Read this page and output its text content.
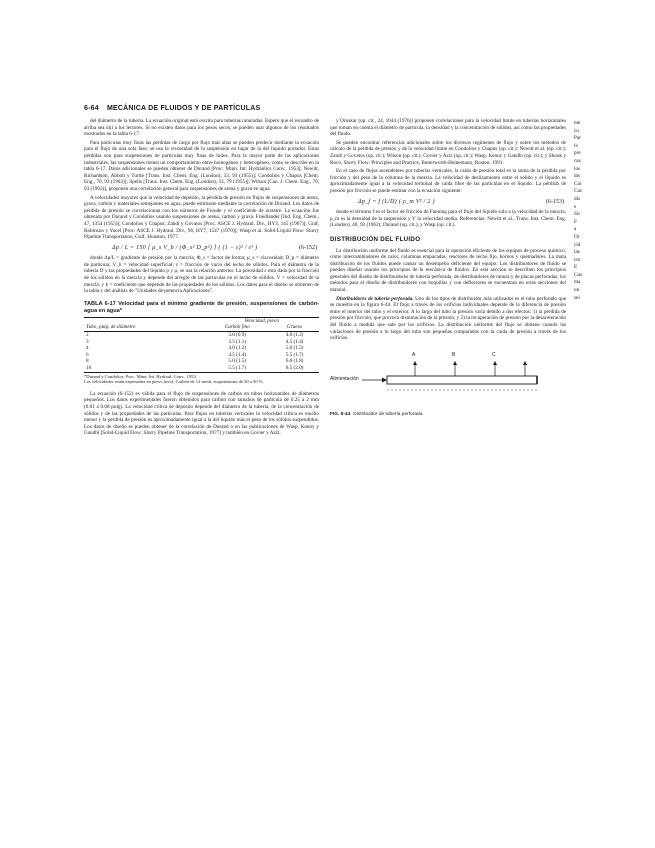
6-64 MECÁNICA DE FLUIDOS Y DE PARTÍCULAS

del diámetro de la tubería. La ecuación original está escrita para tuberías ranuradas. Espero que el recuadro de arriba sea útil a los lectores. Si no existen datos para los pesos secos, se pueden usar algunos de los resultados mostrados en la tabla 6-17.

Para partículas muy finas las pérdidas de carga por flujo más altas se pueden predecir mediante la ecuación para el flujo de una sola fase; se usa la viscosidad de la suspensión en lugar de la del líquido portador. Estas pérdidas son para suspensiones de partículas muy finas de lodos. Para la mayor parte de las aplicaciones industriales, las suspensiones tienen un comportamiento entre homogéneo y heterogéneo, como se describe en la tabla 6-17. Datos adicionales se pueden obtener de Durand [Proc. Minn. Int. Hydraulics Conv., 1953], Newitt, Richardson, Abbott y Turtle [Trans. Inst. Chem. Eng. (London), 33, 93 (1955)]; Condolios y Chapus [Chem. Eng., 70, 93 (1963)]; Spells [Trans. Inst. Chem. Eng. (London), 33, 79 (1955)]; Wilson [Can. J. Chem. Eng., 70, 93 (1963)], proponen una correlación general para suspensiones de arena y grava en agua.

A velocidades mayores que la velocidad de depósito, la pérdida de presión en flujos de suspensiones de arena, grava, carbón y materiales semejantes en agua, puede estimarse mediante la correlación de Durand. Los datos de pérdida de presión se correlacionan con los números de Froude y el coeficiente de arrastre. La ecuación fue obtenida por Durand y Condolios usando suspensiones de arena, carbón y grava. Friedlander [Ind. Eng. Chem., 47, 1354 (1955)]; Condolios y Chapus; Zandi y Govatos [Proc. ASCE J. Hydraul. Div., HY3, 145 (1967)]; Graf, Robinson y Yucel [Proc. ASCE J. Hydraul. Div., 96, HY7, 1547 (1970)]; Wasp et al. Solid-Liquid Flow: Slurry Pipeline Transportation, Gulf, Houston, 1977.

Δp / L = 150 [ μ_s V_b / (Φ_s² D_p²) ] ( (1 − ε)² / ε³ )	(6-152)

donde Δp/L = gradiente de presión por la mezcla; Φ_s = factor de forma; μ_s = viscosidad; D_p = diámetro de partícula; V_b = velocidad superficial; ε = fracción de vacío del lecho de sólidos. Para el diámetro de la tubería D y las propiedades del líquido ρ y μ, se usa la relación anterior. La porosidad ε está dada por la fracción de los sólidos en la mezcla y depende del arreglo de las partículas en el lecho de sólidos. V = velocidad de la mezcla; y k = coeficiente que depende de las propiedades de los sólidos. Los datos para el diseño se obtienen de la tabla y del análisis de "Unidades de potencia Aplicaciones".

TABLA 6-17 Velocidad para el mínimo gradiente de presión, suspensiones de carbón-agua en agua*
	Velocidad, pies/s	
Tubo, pulg. de diámetro	Carbón fino	Grueso
2	3.0 (0.9)	4.0 (1.2)
3	3.5 (1.1)	4.5 (1.4)
4	4.0 (1.2)	5.0 (1.5)
6	4.5 (1.4)	5.5 (1.7)
8	5.0 (1.5)	6.0 (1.8)
10	5.5 (1.7)	6.5 (2.0)
*Durand y Condolios, Proc. Minn. Int. Hydraul. Conv., 1953.
Las velocidades están expresadas en pies/s (m/s). Carbón de 12 mesh, suspensiones de 30 a 50 %.

La ecuación (6-152) es válida para el flujo de suspensiones de carbón en tubos horizontales de diámetros pequeños. Los datos experimentales fueron obtenidos para carbón con tamaños de partícula de 0.25 a 2 mm (0.01 a 0.08 pulg). La velocidad crítica de depósito depende del diámetro de la tubería, de la concentración de sólidos y de las propiedades de las partículas. Para flujos en tuberías verticales la velocidad crítica es mucho menor y la pérdida de presión es aproximadamente igual a la del líquido más el peso de los sólidos suspendidos. Los datos de diseño se pueden obtener de la correlación de Durand o en las publicaciones de Wasp, Kenny y Gandhi [Solid-Liquid Flow: Slurry Pipeline Transportation, 1977] y también en Govier y Aziz.

y Oroskar (op. cit., 24, 1044 (1976)) proponen correlaciones para la velocidad límite en tuberías horizontales que toman en cuenta el diámetro de partícula, la densidad y la concentración de sólidos, así como las propiedades del fluido.

Se pueden encontrar referencias adicionales sobre los diversos regímenes de flujo y sobre los métodos de cálculo de la pérdida de presión y de la velocidad límite en Condolios y Chapus (op. cit.); Newitt et al. (op. cit.); Zandi y Govatos (op. cit.); Wilson (op. cit.); Govier y Aziz (op. cit.); Wasp, Kenny y Gandhi (op. cit.); y Shook y Roco, Slurry Flow: Principles and Practice, Butterworth-Heinemann, Boston, 1991.

En el caso de flujos ascendentes por tuberías verticales, la caída de presión total es la suma de la pérdida por fricción y del peso de la columna de la mezcla. La velocidad de deslizamiento entre el sólido y el líquido es aproximadamente igual a la velocidad terminal de caída libre de las partículas en el líquido. La pérdida de presión por fricción se puede estimar con la ecuación siguiente:

Δp_f = f (L/D) ( ρ_m V² / 2 )	(6-153)

donde el término f es el factor de fricción de Fanning para el flujo del líquido solo a la velocidad de la mezcla, ρ_m es la densidad de la suspensión y V la velocidad media. Referencias: Newitt et al., Trans. Inst. Chem. Eng. (London), 40, 93 (1962); Durand (op. cit.), y Wasp (op. cit.).

DISTRIBUCIÓN DEL FLUIDO

La distribución uniforme del fluido es esencial para la operación eficiente de los equipos de proceso químico, como intercambiadores de calor, columnas empacadas, reactores de lecho fijo, hornos y quemadores. La mala distribución de los fluidos puede causar un desempeño deficiente del equipo. Los distribuidores de fluido se pueden diseñar usando los principios de la mecánica de fluidos. En esta sección se describen los principios generales del diseño de distribuidores de tubería perforada, de distribuidores de ranura y de placas perforadas; los métodos para el diseño de distribuidores con boquillas y con deflectores se encuentran en otras secciones del manual.

Distribuidores de tubería perforada. Uno de los tipos de distribuidor más utilizados es el tubo perforado que se muestra en la figura 6-44. El flujo a través de los orificios individuales depende de la diferencia de presión entre el interior del tubo y el exterior. A lo largo del tubo la presión varía debido a dos efectos: 1) la pérdida de presión por fricción, que provoca disminución de la presión, y 2) la recuperación de presión por la desaceleración del fluido a medida que sale por los orificios. La distribución uniforme del flujo se obtiene cuando las variaciones de presión a lo largo del tubo son pequeñas comparadas con la caída de presión a través de los orificios.

Alimentación
A	B	C
FIG. 6-44 Distribuidor de tubería perforada.
me
cu
Par
lo
pre
cas
los
dis
Cor
Cas
dis
e
Sir
F
a
Or
cid
las
cre
E
Gas
ma
un
sel
